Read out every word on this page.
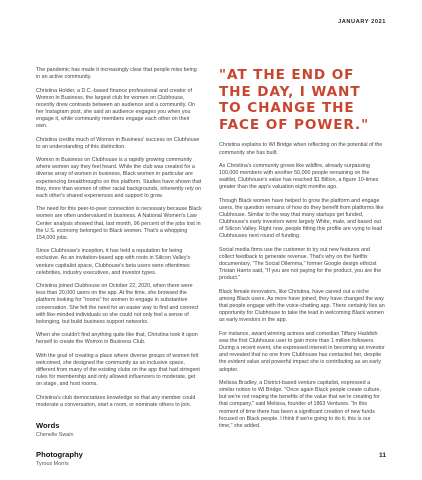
JANUARY 2021

The pandemic has made it increasingly clear that people miss being in an active community.

Christina Holder, a D.C.-based finance professional and creator of Womxn in Business, the largest club for women on Clubhouse, recently drew contrasts between an audience and a community. On her Instagram post, she said an audience engages you when you engage it, while community members engage each other on their own.

Christina credits much of Womxn in Business' success on Clubhouse to an understanding of this distinction.

Womxn in Business on Clubhouse is a rapidly growing community where women say they feel heard. While the club was created for a diverse array of women in business, Black women in particular are experiencing breakthroughs on this platform. Studies have shown that they, more than women of other racial backgrounds, inherently rely on each other's shared experiences and support to grow.

The need for this peer-to-peer connection is necessary because Black women are often undervalued in business. A National Women's Law Center analysis showed that, last month, 96 percent of the jobs lost in the U.S. economy belonged to Black women. That's a whopping 154,000 jobs.

Since Clubhouse's inception, it has held a reputation for being exclusive. As an invitation-based app with roots in Silicon Valley's venture capitalist space, Clubhouse's beta users were oftentimes celebrities, industry executives, and investor types.

Christina joined Clubhouse on October 22, 2020, when there were less than 20,000 users on the app. At the time, she browsed the platform looking for "rooms" for women to engage in substantive conversation. She felt the need for an easier way to find and connect with like-minded individuals so she could not only feel a sense of belonging, but build business support networks.

When she couldn't find anything quite like that, Christina took it upon herself to create the Womxn in Business Club.

With the goal of creating a place where diverse groups of women felt welcomed, she designed the community as an inclusive space, different from many of the existing clubs on the app that had stringent rules for membership and only allowed influencers to moderate, get on stage, and host rooms.

Christina's club democratizes knowledge so that any member could moderate a conversation, start a room, or nominate others to join.

Words
Chenelle Swain
Photography
Tyrous Morris
"AT THE END OF THE DAY, I WANT TO CHANGE THE FACE OF POWER."

Christina explains to WI Bridge when reflecting on the potential of the community she has built.

As Christina's community grows like wildfire, already surpassing 100,000 members with another 50,000 people remaining on the waitlist, Clubhouse's value has reached $1 Billion, a figure 10-times greater than the app's valuation eight months ago.

Though Black women have helped to grow the platform and engage users, the question remains of how do they benefit from platforms like Clubhouse. Similar to the way that many startups get funded, Clubhouse's early investors were largely White, male, and based out of Silicon Valley. Right now, people fitting this profile are vying to lead Clubhouses next round of funding.

Social media firms use the customer to try out new features and collect feedback to generate revenue. That's why on the Netflix documentary, "The Social Dilemma," former Google design ethicist Tristan Harris said, "If you are not paying for the product, you are the product."

Black female innovators, like Christina, have carved out a niche among Black users. As more have joined, they have changed the way that people engage with the voice-chatting app. There certainly lies an opportunity for Clubhouse to take the lead in welcoming Black women as early investors in the app.

For instance, award winning actress and comedian Tiffany Haddish was the first Clubhouse user to gain more than 1 million followers. During a recent event, she expressed interest in becoming an investor and revealed that no one from Clubhouse has contacted her, despite the evident value and powerful impact she is contributing as an early adopter.

Melissa Bradley, a District-based venture capitalist, expressed a similar notion to WI Bridge. "Once again Black people create culture, but we're not reaping the benefits of the value that we're creating for that company," said Melissa, founder of 1863 Ventures. "In this moment of time there has been a significant creation of new funds focused on Black people. I think if we're going to do it, this is our time," she added.

11
